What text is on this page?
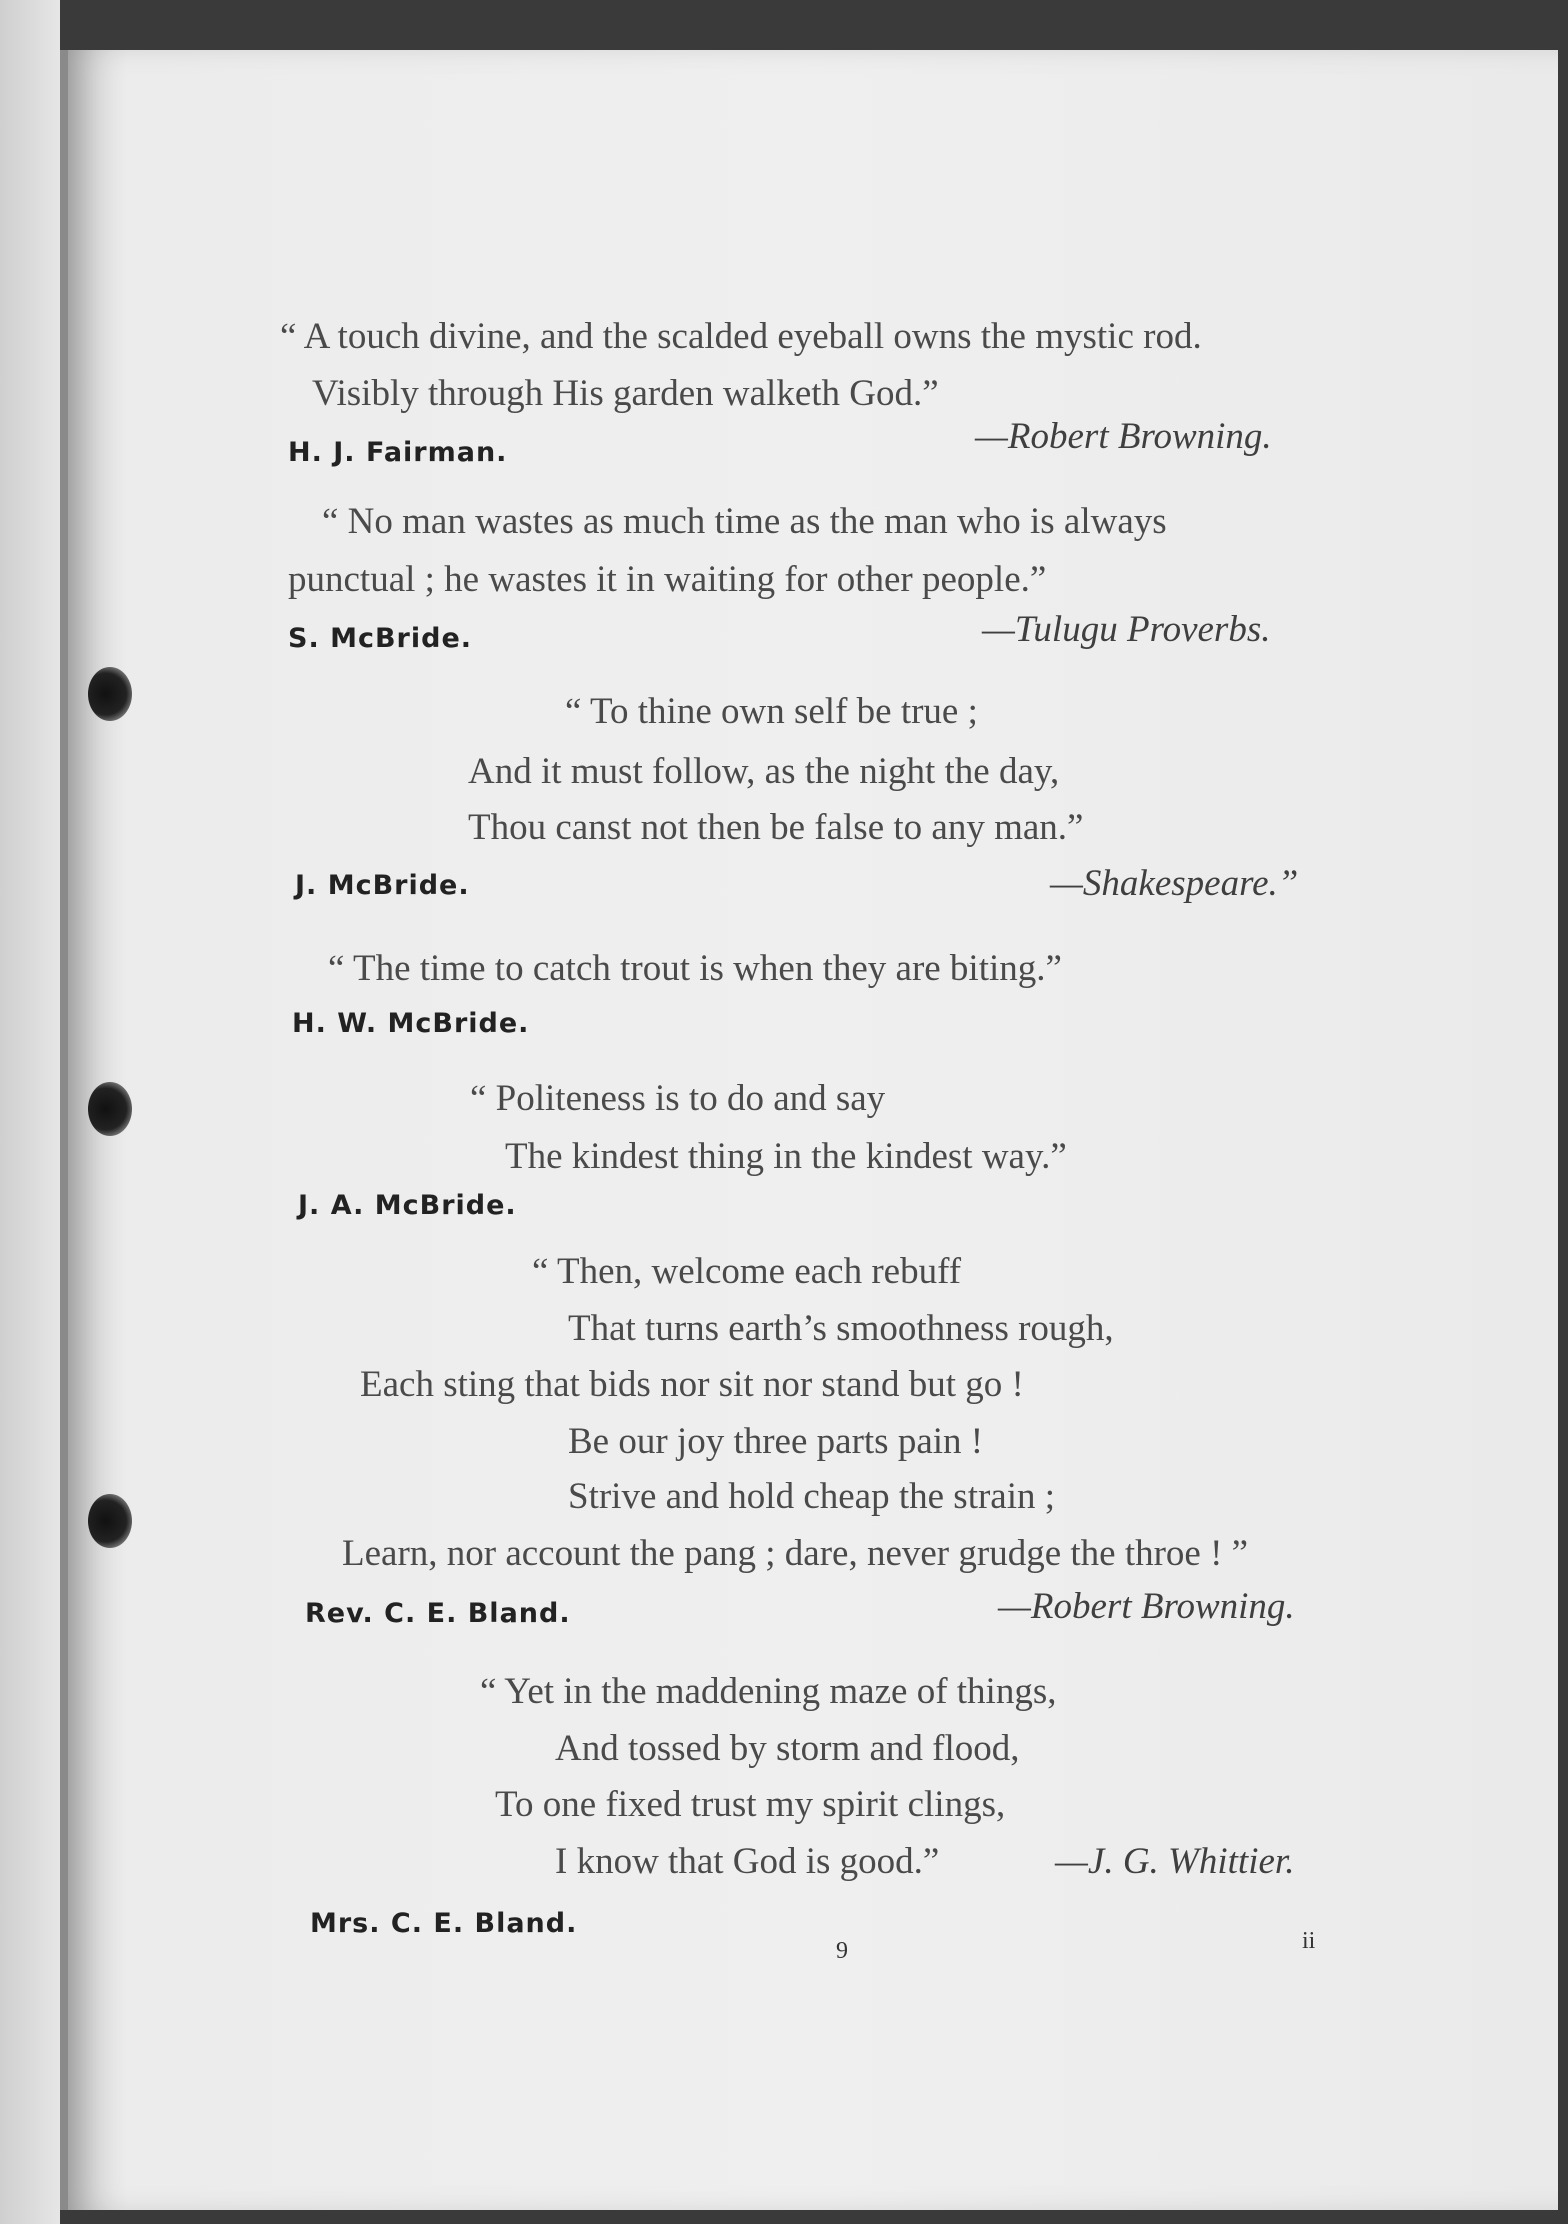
“ A touch divine, and the scalded eyeball owns the mystic rod.
Visibly through His garden walketh God.”
H. J. Fairman.	—Robert Browning.
“ No man wastes as much time as the man who is always
punctual ; he wastes it in waiting for other people.”
S. McBride.	—Tulugu Proverbs.
“ To thine own self be true ;
And it must follow, as the night the day,
Thou canst not then be false to any man.”
J. McBride.	—Shakespeare.”
“ The time to catch trout is when they are biting.”
H. W. McBride.
“ Politeness is to do and say
The kindest thing in the kindest way.”
J. A. McBride.
“ Then, welcome each rebuff
That turns earth’s smoothness rough,
Each sting that bids nor sit nor stand but go !
Be our joy three parts pain !
Strive and hold cheap the strain ;
Learn, nor account the pang ; dare, never grudge the throe ! ”
Rev. C. E. Bland.	—Robert Browning.
“ Yet in the maddening maze of things,
And tossed by storm and flood,
To one fixed trust my spirit clings,
I know that God is good.”	—J. G. Whittier.
Mrs. C. E. Bland.
9	ii
